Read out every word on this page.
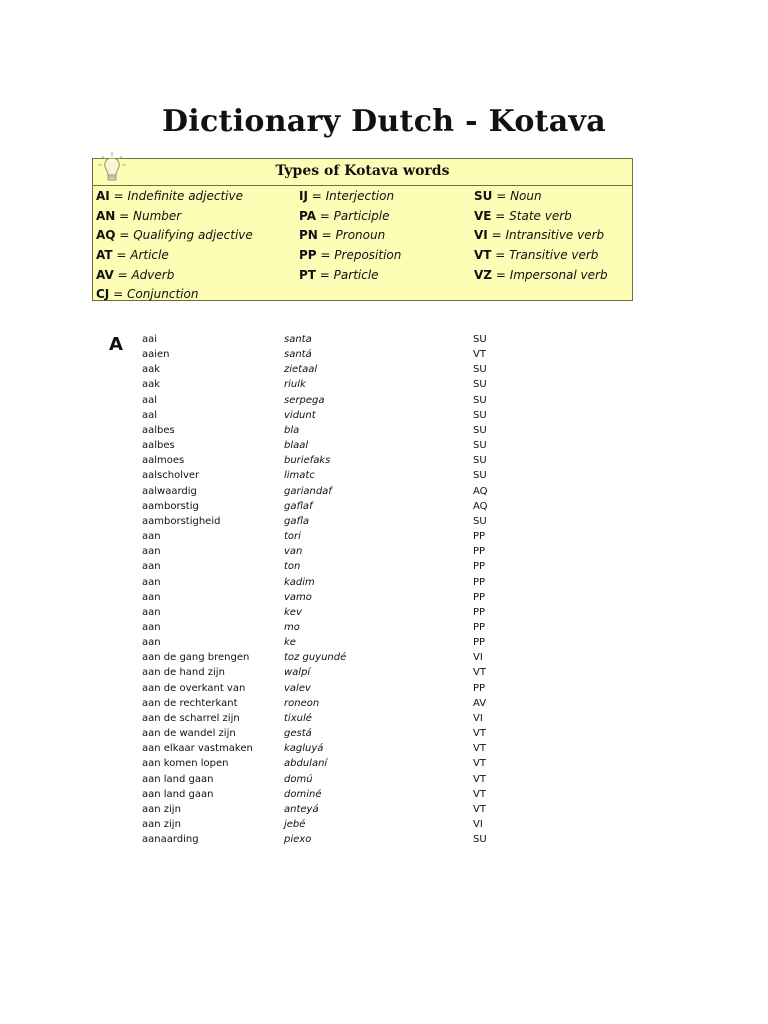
Dictionary Dutch - Kotava
Types of Kotava words
AI = Indefinite adjective
AN = Number
AQ = Qualifying adjective
AT = Article
AV = Adverb
CJ = Conjunction
IJ = Interjection
PA = Participle
PN = Pronoun
PP = Preposition
PT = Particle
SU = Noun
VE = State verb
VI = Intransitive verb
VT = Transitive verb
VZ = Impersonal verb
A aai	santa	SU
aaien	santá	VT
aak	zietaal	SU
aak	riulk	SU
aal	serpega	SU
aal	vidunt	SU
aalbes	bla	SU
aalbes	blaal	SU
aalmoes	buriefaks	SU
aalscholver	limatc	SU
aalwaardig	gariandaf	AQ
aamborstig	gaflaf	AQ
aamborstigheid	gafla	SU
aan	tori	PP
aan	van	PP
aan	ton	PP
aan	kadim	PP
aan	vamo	PP
aan	kev	PP
aan	mo	PP
aan	ke	PP
aan de gang brengen	toz guyundé	VI
aan de hand zijn	walpí	VT
aan de overkant van	valev	PP
aan de rechterkant	roneon	AV
aan de scharrel zijn	tixulé	VI
aan de wandel zijn	gestá	VT
aan elkaar vastmaken	kagluyá	VT
aan komen lopen	abdulaní	VT
aan land gaan	domú	VT
aan land gaan	dominé	VT
aan zijn	anteyá	VT
aan zijn	jebé	VI
aanaarding	piexo	SU
